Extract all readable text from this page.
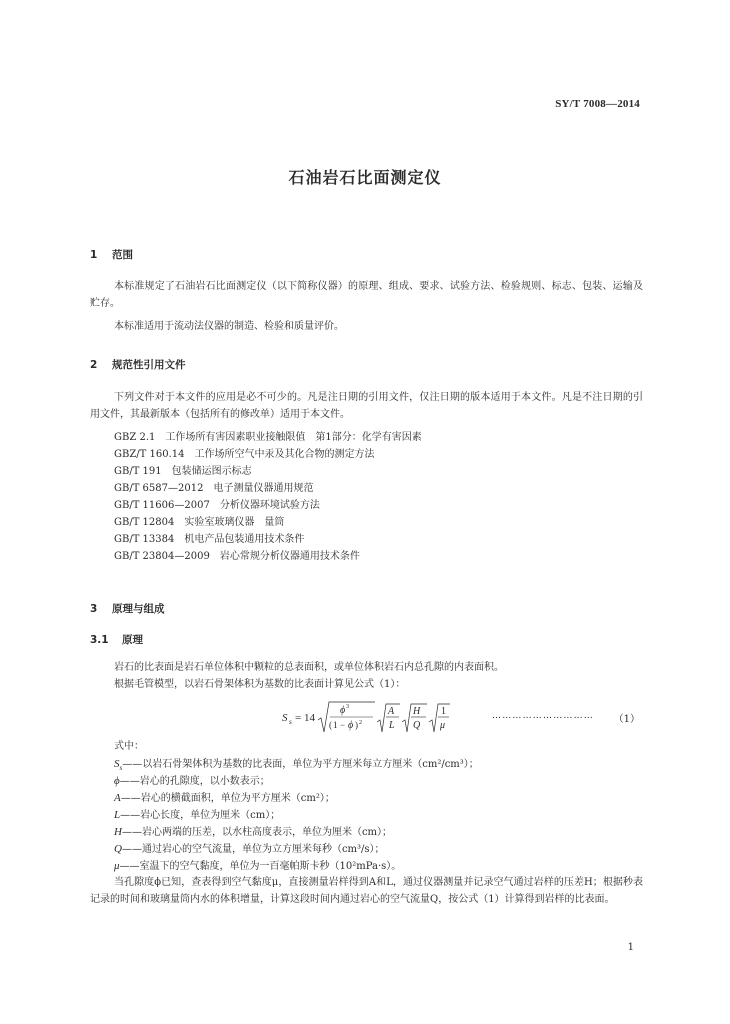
SY/T 7008—2014
石油岩石比面测定仪
1 范围
本标准规定了石油岩石比面测定仪（以下简称仪器）的原理、组成、要求、试验方法、检验规则、标志、包装、运输及贮存。
本标准适用于流动法仪器的制造、检验和质量评价。
2 规范性引用文件
下列文件对于本文件的应用是必不可少的。凡是注日期的引用文件，仅注日期的版本适用于本文件。凡是不注日期的引用文件，其最新版本（包括所有的修改单）适用于本文件。
GBZ 2.1　 工作场所有害因素职业接触限值　第1部分：化学有害因素
GBZ/T 160.14　 工作场所空气中汞及其化合物的测定方法
GB/T 191　 包装储运图示标志
GB/T 6587—2012　 电子测量仪器通用规范
GB/T 11606—2007　 分析仪器环境试验方法
GB/T 12804　 实验室玻璃仪器　量筒
GB/T 13384　 机电产品包装通用技术条件
GB/T 23804—2009　 岩心常规分析仪器通用技术条件
3 原理与组成
3.1 原理
岩石的比表面是岩石单位体积中颗粒的总表面积，或单位体积岩石内总孔隙的内表面积。
根据毛管模型，以岩石骨架体积为基数的比表面计算见公式（1）：
S s = 14
ϕ 3
( 1 − ϕ ) 2
A
L
H
Q
1
μ
………………………… （1）
式中：
$S_s——$以岩石骨架体积为基数的比表面，单位为平方厘米每立方厘米（cm²/cm³）；
ϕ——岩心的孔隙度，以小数表示；
A——岩心的横截面积，单位为平方厘米（cm²）；
L——岩心长度，单位为厘米（cm）；
H——岩心两端的压差，以水柱高度表示，单位为厘米（cm）；
Q——通过岩心的空气流量，单位为立方厘米每秒（cm³/s）；
μ——室温下的空气黏度，单位为一百毫帕斯卡秒（10²mPa·s）。
当孔隙度ϕ已知，查表得到空气黏度μ，直接测量岩样得到A和L，通过仪器测量并记录空气通过岩样的压差H；根据秒表记录的时间和玻璃量筒内水的体积增量，计算这段时间内通过岩心的空气流量Q，按公式（1）计算得到岩样的比表面。
1
